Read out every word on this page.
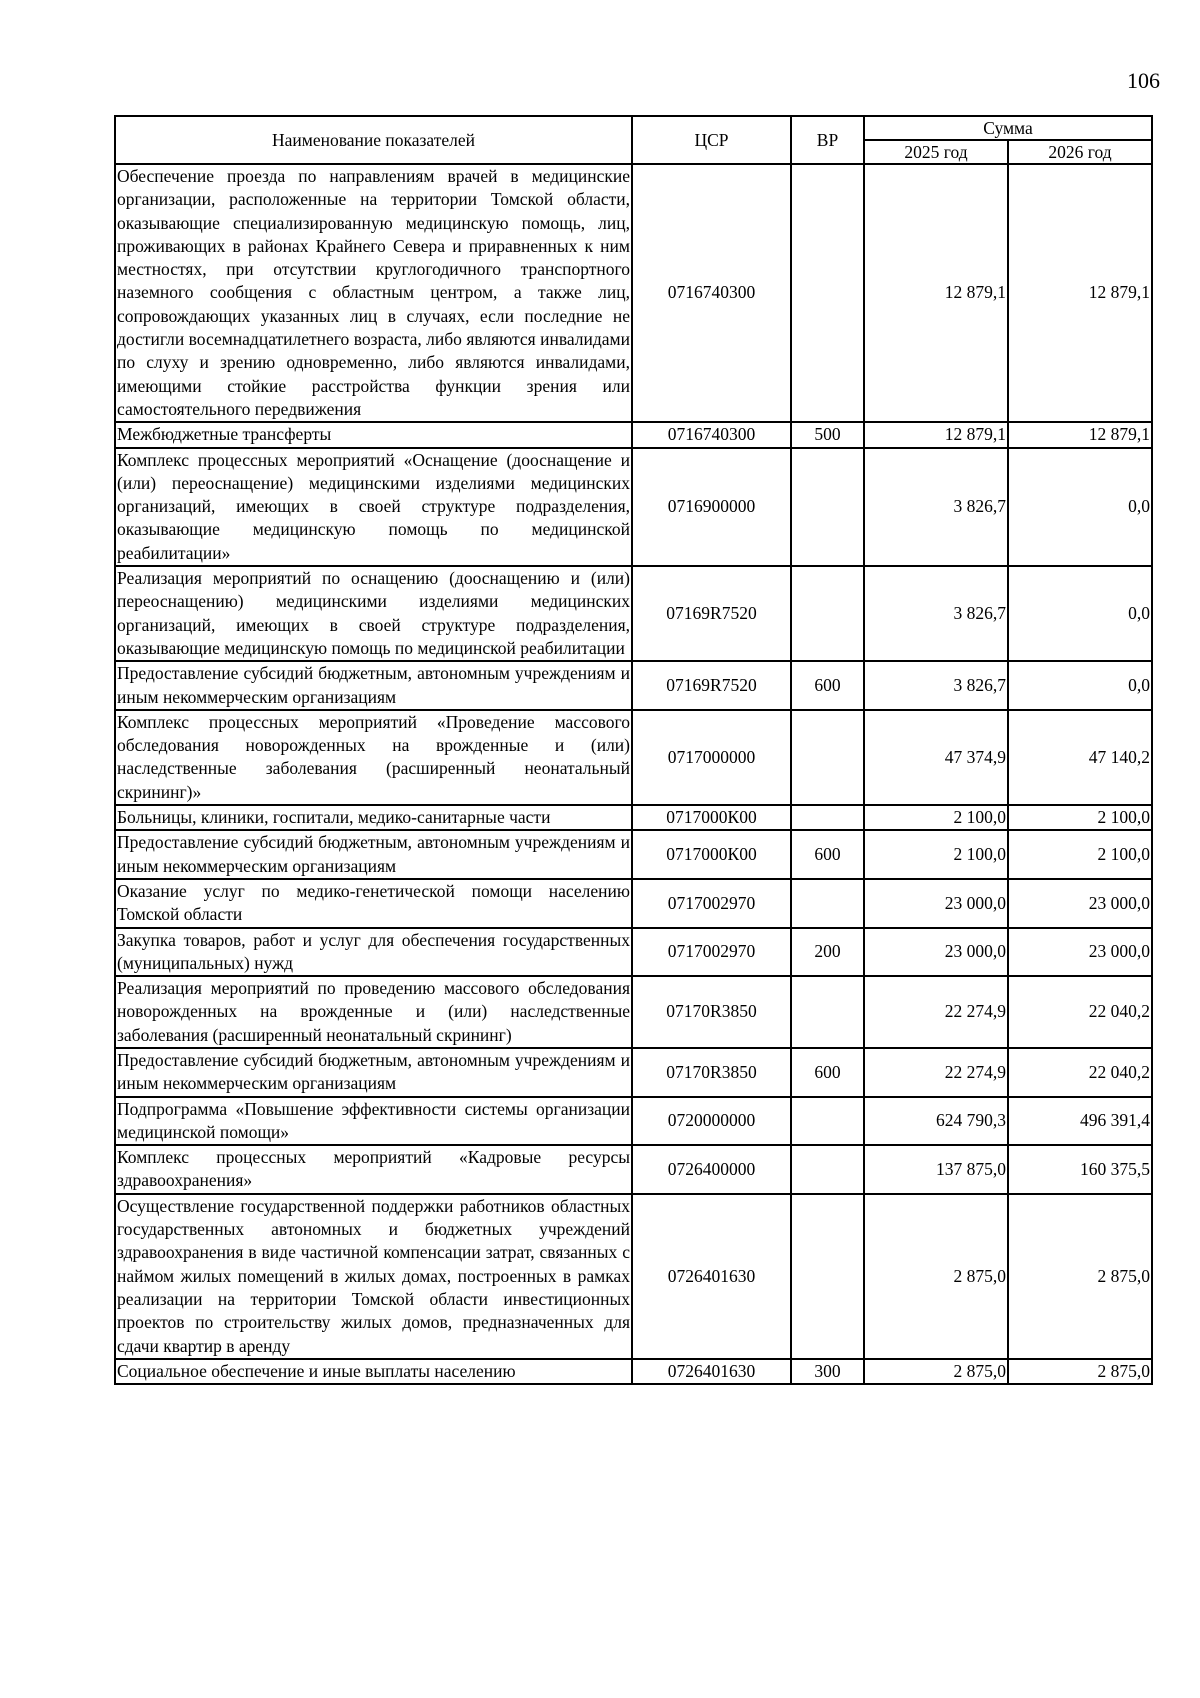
106
Наименование показателей	ЦСР	ВР	Сумма	
			2025 год	2026 год
Обеспечение проезда по направлениям врачей в медицинские организации, расположенные на территории Томской области, оказывающие специализированную медицинскую помощь, лиц, проживающих в районах Крайнего Севера и приравненных к ним местностях, при отсутствии круглогодичного транспортного наземного сообщения с областным центром, а также лиц, сопровождающих указанных лиц в случаях, если последние не достигли восемнадцатилетнего возраста, либо являются инвалидами по слуху и зрению одновременно, либо являются инвалидами, имеющими стойкие расстройства функции зрения или самостоятельного передвижения	0716740300		12 879,1	12 879,1
Межбюджетные трансферты	0716740300	500	12 879,1	12 879,1
Комплекс процессных мероприятий «Оснащение (дооснащение и (или) переоснащение) медицинскими изделиями медицинских организаций, имеющих в своей структуре подразделения, оказывающие медицинскую помощь по медицинской реабилитации»	0716900000		3 826,7	0,0
Реализация мероприятий по оснащению (дооснащению и (или) переоснащению) медицинскими изделиями медицинских организаций, имеющих в своей структуре подразделения, оказывающие медицинскую помощь по медицинской реабилитации	07169R7520		3 826,7	0,0
Предоставление субсидий бюджетным, автономным учреждениям и иным некоммерческим организациям	07169R7520	600	3 826,7	0,0
Комплекс процессных мероприятий «Проведение массового обследования новорожденных на врожденные и (или) наследственные заболевания (расширенный неонатальный скрининг)»	0717000000		47 374,9	47 140,2
Больницы, клиники, госпитали, медико-санитарные части	0717000К00		2 100,0	2 100,0
Предоставление субсидий бюджетным, автономным учреждениям и иным некоммерческим организациям	0717000К00	600	2 100,0	2 100,0
Оказание услуг по медико-генетической помощи населению Томской области	0717002970		23 000,0	23 000,0
Закупка товаров, работ и услуг для обеспечения государственных (муниципальных) нужд	0717002970	200	23 000,0	23 000,0
Реализация мероприятий по проведению массового обследования новорожденных на врожденные и (или) наследственные заболевания (расширенный неонатальный скрининг)	07170R3850		22 274,9	22 040,2
Предоставление субсидий бюджетным, автономным учреждениям и иным некоммерческим организациям	07170R3850	600	22 274,9	22 040,2
Подпрограмма «Повышение эффективности системы организации медицинской помощи»	0720000000		624 790,3	496 391,4
Комплекс процессных мероприятий «Кадровые ресурсы здравоохранения»	0726400000		137 875,0	160 375,5
Осуществление государственной поддержки работников областных государственных автономных и бюджетных учреждений здравоохранения в виде частичной компенсации затрат, связанных с наймом жилых помещений в жилых домах, построенных в рамках реализации на территории Томской области инвестиционных проектов по строительству жилых домов, предназначенных для сдачи квартир в аренду	0726401630		2 875,0	2 875,0
Социальное обеспечение и иные выплаты населению	0726401630	300	2 875,0	2 875,0
